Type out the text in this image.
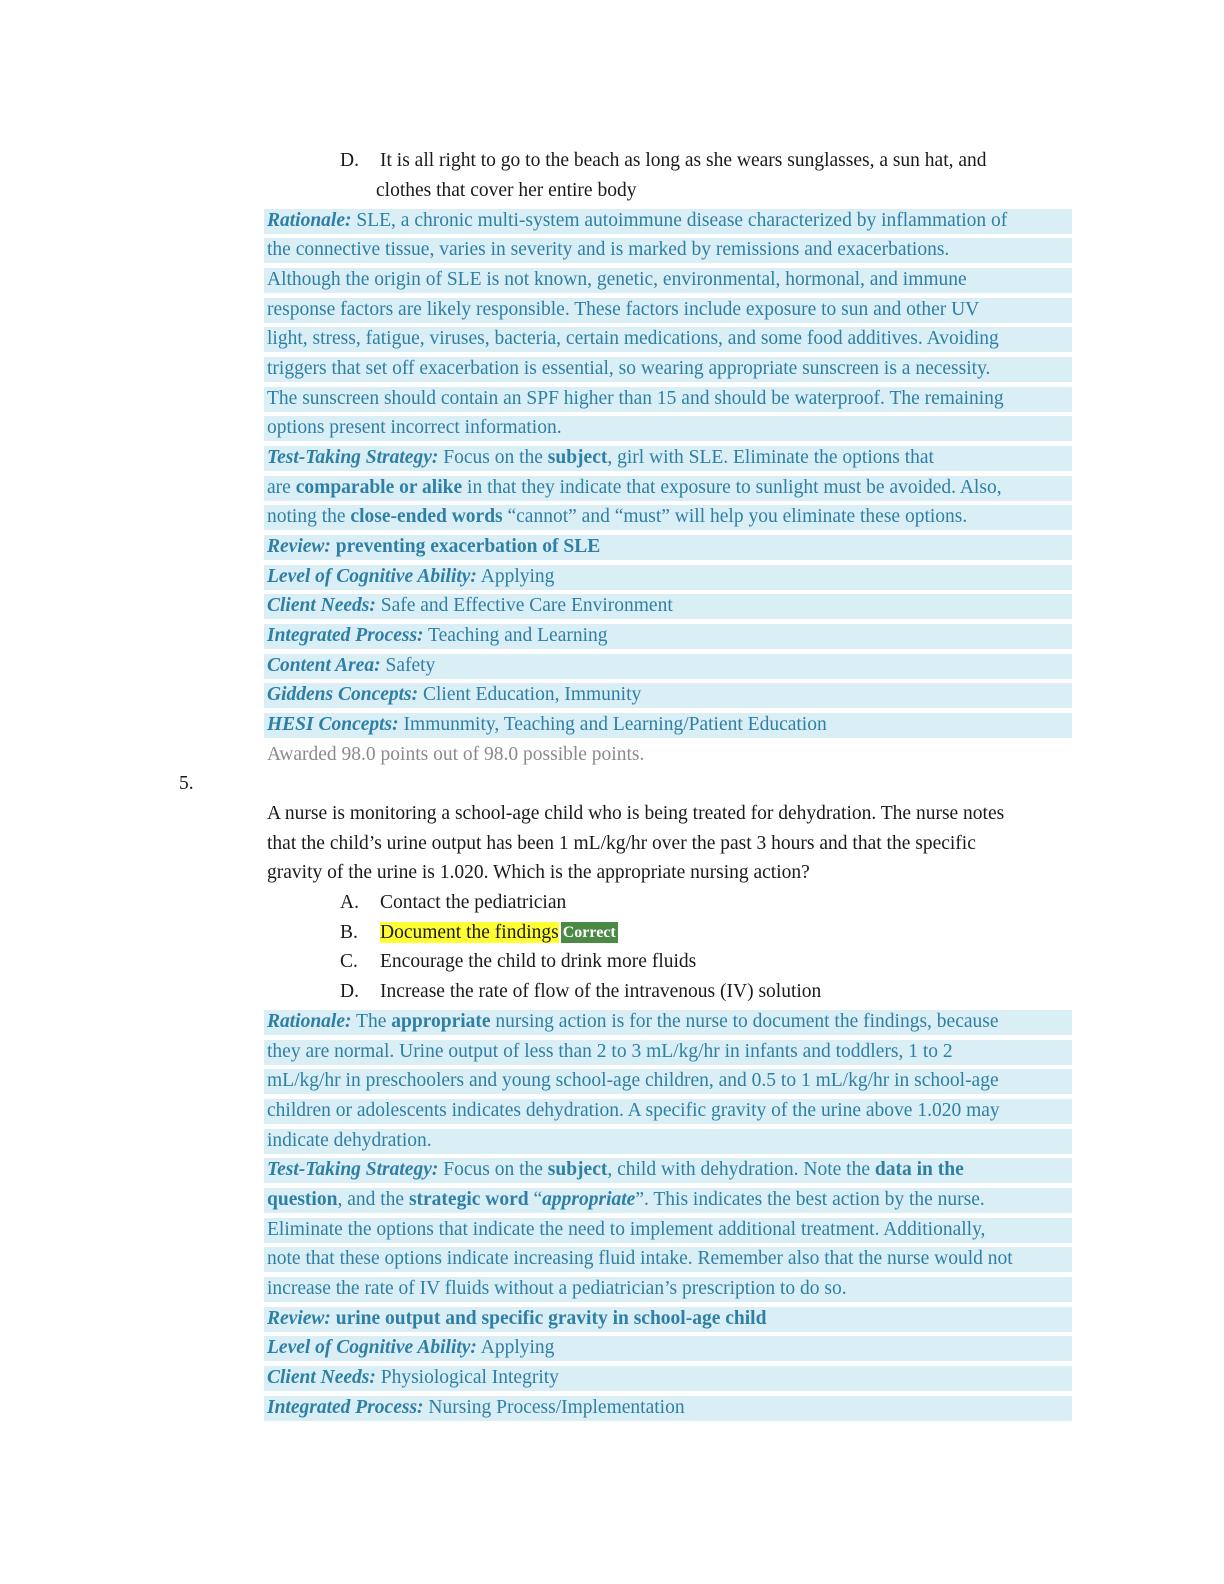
D. It is all right to go to the beach as long as she wears sunglasses, a sun hat, and
clothes that cover her entire body
Rationale: SLE, a chronic multi-system autoimmune disease characterized by inflammation of
the connective tissue, varies in severity and is marked by remissions and exacerbations.
Although the origin of SLE is not known, genetic, environmental, hormonal, and immune
response factors are likely responsible. These factors include exposure to sun and other UV
light, stress, fatigue, viruses, bacteria, certain medications, and some food additives. Avoiding
triggers that set off exacerbation is essential, so wearing appropriate sunscreen is a necessity.
The sunscreen should contain an SPF higher than 15 and should be waterproof. The remaining
options present incorrect information.
Test-Taking Strategy: Focus on the subject, girl with SLE. Eliminate the options that
are comparable or alike in that they indicate that exposure to sunlight must be avoided. Also,
noting the close-ended words “cannot” and “must” will help you eliminate these options.
Review: preventing exacerbation of SLE
Level of Cognitive Ability: Applying
Client Needs: Safe and Effective Care Environment
Integrated Process: Teaching and Learning
Content Area: Safety
Giddens Concepts: Client Education, Immunity
HESI Concepts: Immunmity, Teaching and Learning/Patient Education
Awarded 98.0 points out of 98.0 possible points.
5.
A nurse is monitoring a school-age child who is being treated for dehydration. The nurse notes
that the child’s urine output has been 1 mL/kg/hr over the past 3 hours and that the specific
gravity of the urine is 1.020. Which is the appropriate nursing action?
A. Contact the pediatrician
B. Document the findings Correct
C. Encourage the child to drink more fluids
D. Increase the rate of flow of the intravenous (IV) solution
Rationale: The appropriate nursing action is for the nurse to document the findings, because
they are normal. Urine output of less than 2 to 3 mL/kg/hr in infants and toddlers, 1 to 2
mL/kg/hr in preschoolers and young school-age children, and 0.5 to 1 mL/kg/hr in school-age
children or adolescents indicates dehydration. A specific gravity of the urine above 1.020 may
indicate dehydration.
Test-Taking Strategy: Focus on the subject, child with dehydration. Note the data in the
question, and the strategic word “appropriate”. This indicates the best action by the nurse.
Eliminate the options that indicate the need to implement additional treatment. Additionally,
note that these options indicate increasing fluid intake. Remember also that the nurse would not
increase the rate of IV fluids without a pediatrician’s prescription to do so.
Review: urine output and specific gravity in school-age child
Level of Cognitive Ability: Applying
Client Needs: Physiological Integrity
Integrated Process: Nursing Process/Implementation
